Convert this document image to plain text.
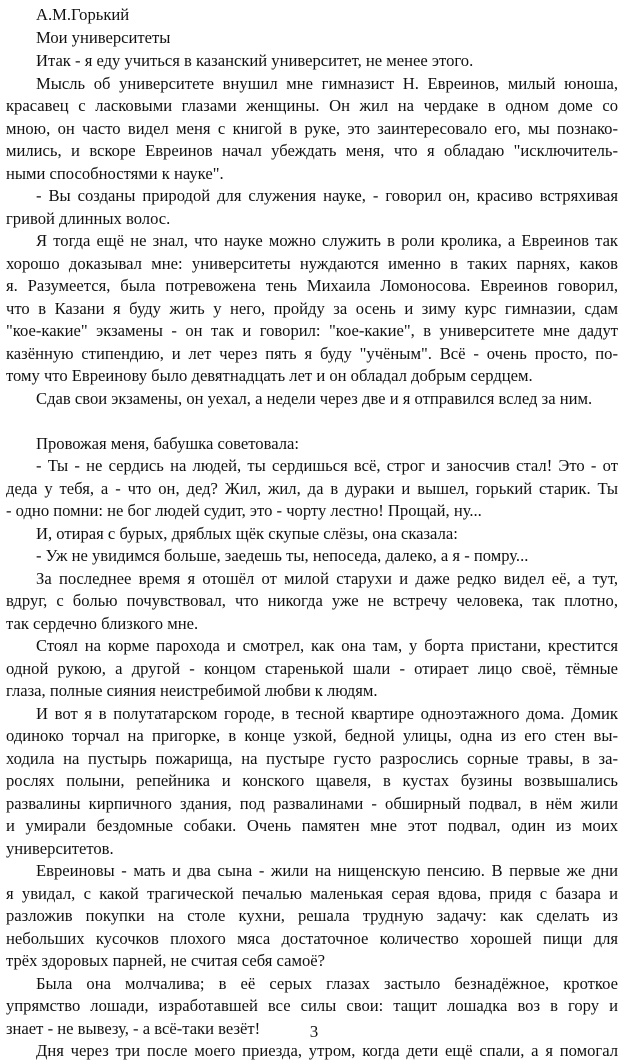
А.М.Горький
Мои университеты
Итак - я еду учиться в казанский университет, не менее этого.
Мысль об университете внушил мне гимназист Н. Евреинов, милый юноша,
красавец с ласковыми глазами женщины. Он жил на чердаке в одном доме со
мною, он часто видел меня с книгой в руке, это заинтересовало его, мы познако-
мились, и вскоре Евреинов начал убеждать меня, что я обладаю "исключитель-
ными способностями к науке".
- Вы созданы природой для служения науке, - говорил он, красиво встряхивая
гривой длинных волос.
Я тогда ещё не знал, что науке можно служить в роли кролика, а Евреинов так
хорошо доказывал мне: университеты нуждаются именно в таких парнях, каков
я. Разумеется, была потревожена тень Михаила Ломоносова. Евреинов говорил,
что в Казани я буду жить у него, пройду за осень и зиму курс гимназии, сдам
"кое-какие" экзамены - он так и говорил: "кое-какие", в университете мне дадут
казённую стипендию, и лет через пять я буду "учёным". Всё - очень просто, по-
тому что Евреинову было девятнадцать лет и он обладал добрым сердцем.
Сдав свои экзамены, он уехал, а недели через две и я отправился вслед за ним.
Провожая меня, бабушка советовала:
- Ты - не сердись на людей, ты сердишься всё, строг и заносчив стал! Это - от
деда у тебя, а - что он, дед? Жил, жил, да в дураки и вышел, горький старик. Ты
- одно помни: не бог людей судит, это - чорту лестно! Прощай, ну...
И, отирая с бурых, дряблых щёк скупые слёзы, она сказала:
- Уж не увидимся больше, заедешь ты, непоседа, далеко, а я - помру...
За последнее время я отошёл от милой старухи и даже редко видел её, а тут,
вдруг, с болью почувствовал, что никогда уже не встречу человека, так плотно,
так сердечно близкого мне.
Стоял на корме парохода и смотрел, как она там, у борта пристани, крестится
одной рукою, а другой - концом старенькой шали - отирает лицо своё, тёмные
глаза, полные сияния неистребимой любви к людям.
И вот я в полутатарском городе, в тесной квартире одноэтажного дома. Домик
одиноко торчал на пригорке, в конце узкой, бедной улицы, одна из его стен вы-
ходила на пустырь пожарища, на пустыре густо разрослись сорные травы, в за-
рослях полыни, репейника и конского щавеля, в кустах бузины возвышались
развалины кирпичного здания, под развалинами - обширный подвал, в нём жили
и умирали бездомные собаки. Очень памятен мне этот подвал, один из моих
университетов.
Евреиновы - мать и два сына - жили на нищенскую пенсию. В первые же дни
я увидал, с какой трагической печалью маленькая серая вдова, придя с базара и
разложив покупки на столе кухни, решала трудную задачу: как сделать из
небольших кусочков плохого мяса достаточное количество хорошей пищи для
трёх здоровых парней, не считая себя самоё?
Была она молчалива; в её серых глазах застыло безнадёжное, кроткое
упрямство лошади, изработавшей все силы свои: тащит лошадка воз в гору и
знает - не вывезу, - а всё-таки везёт!
Дня через три после моего приезда, утром, когда дети ещё спали, а я помогал
3
